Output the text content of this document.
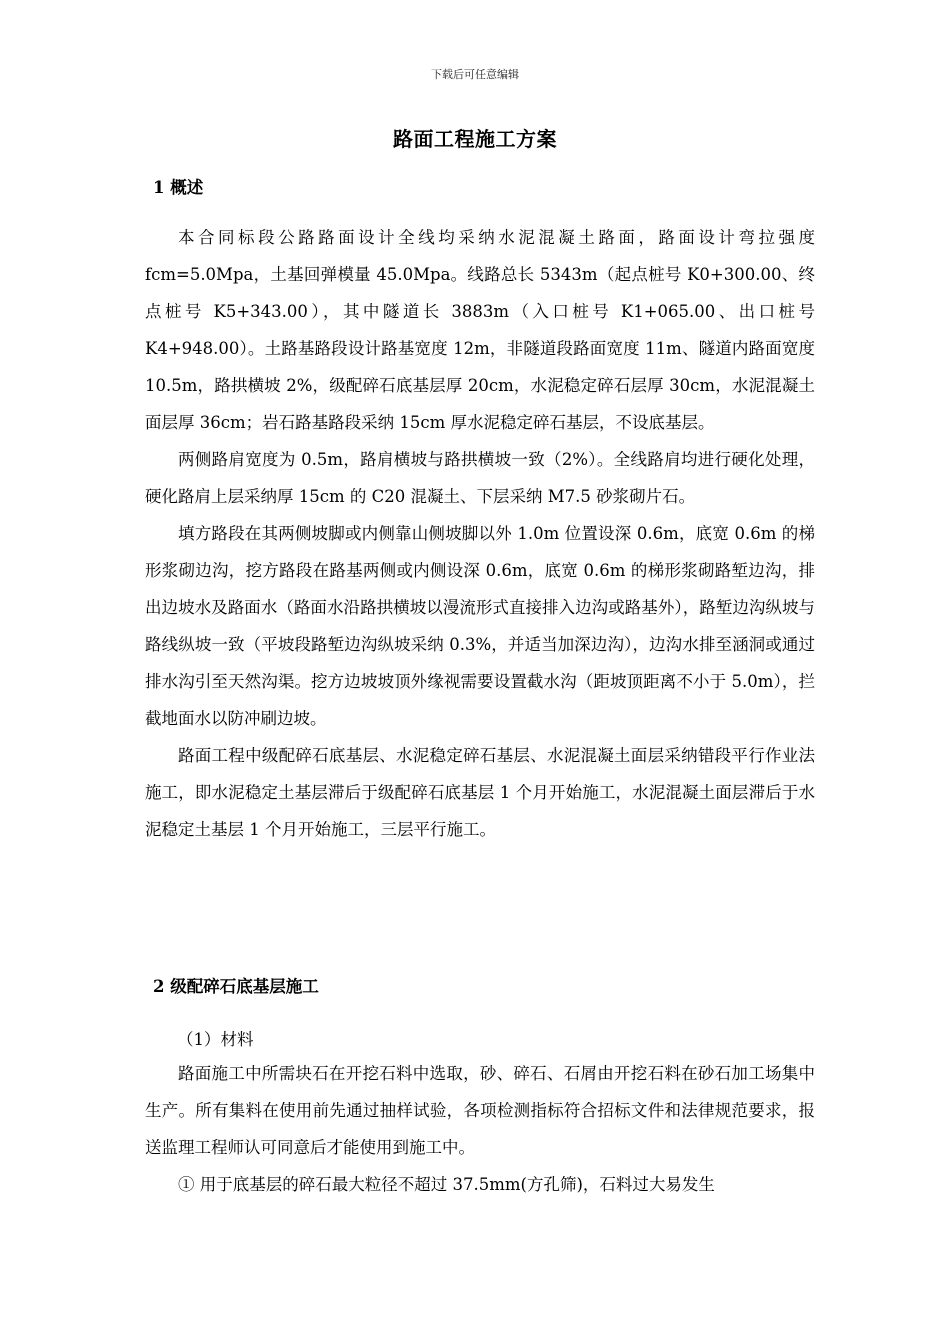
下载后可任意编辑
路面工程施工方案
1 概述

本合同标段公路路面设计全线均采纳水泥混凝土路面，路面设计弯拉强度 fcm=5.0Mpa，土基回弹模量 45.0Mpa。线路总长 5343m（起点桩号 K0+300.00、终点桩号 K5+343.00），其中隧道长 3883m（入口桩号 K1+065.00、出口桩号 K4+948.00）。土路基路段设计路基宽度 12m，非隧道段路面宽度 11m、隧道内路面宽度 10.5m，路拱横坡 2%，级配碎石底基层厚 20cm，水泥稳定碎石层厚 30cm，水泥混凝土面层厚 36cm；岩石路基路段采纳 15cm 厚水泥稳定碎石基层，不设底基层。

两侧路肩宽度为 0.5m，路肩横坡与路拱横坡一致（2%）。全线路肩均进行硬化处理，硬化路肩上层采纳厚 15cm 的 C20 混凝土、下层采纳 M7.5 砂浆砌片石。

填方路段在其两侧坡脚或内侧靠山侧坡脚以外 1.0m 位置设深 0.6m，底宽 0.6m 的梯形浆砌边沟，挖方路段在路基两侧或内侧设深 0.6m，底宽 0.6m 的梯形浆砌路堑边沟，排出边坡水及路面水（路面水沿路拱横坡以漫流形式直接排入边沟或路基外），路堑边沟纵坡与路线纵坡一致（平坡段路堑边沟纵坡采纳 0.3%，并适当加深边沟），边沟水排至涵洞或通过排水沟引至天然沟渠。挖方边坡坡顶外缘视需要设置截水沟（距坡顶距离不小于 5.0m），拦截地面水以防冲刷边坡。

路面工程中级配碎石底基层、水泥稳定碎石基层、水泥混凝土面层采纳错段平行作业法施工，即水泥稳定土基层滞后于级配碎石底基层 1 个月开始施工，水泥混凝土面层滞后于水泥稳定土基层 1 个月开始施工，三层平行施工。

2 级配碎石底基层施工
（1）材料

路面施工中所需块石在开挖石料中选取，砂、碎石、石屑由开挖石料在砂石加工场集中生产。所有集料在使用前先通过抽样试验，各项检测指标符合招标文件和法律规范要求，报送监理工程师认可同意后才能使用到施工中。

① 用于底基层的碎石最大粒径不超过 37.5mm(方孔筛)，石料过大易发生
